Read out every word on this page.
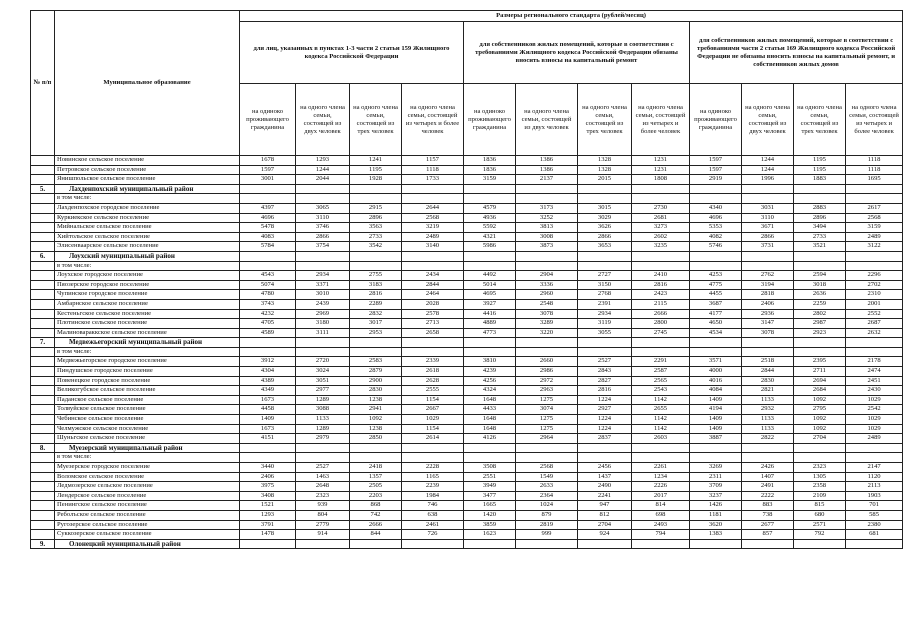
№ п/п	Муниципальное образование	Размеры регионального стандарта (рублей/месяц)											
		для лиц, указанных в пунктах 1-3 части 2 статьи 159 Жилищного кодекса Российской Федерации				для собственников жилых помещений, которые в соответствии с требованиями Жилищного кодекса Российской Федерации обязаны вносить взносы на капитальный ремонт				для собственников жилых помещений, которые в соответствии с требованиями части 2 статьи 169 Жилищного кодекса Российской Федерации не обязаны вносить взносы на капитальный ремонт, и собственников жилых домов			
		на одиноко проживающего гражданина	на одного члена семьи, состоящей из двух человек	на одного члена семьи, состоящей из трех человек	на одного члена семьи, состоящей из четырех и более человек	на одиноко проживающего гражданина	на одного члена семьи, состоящей из двух человек	на одного члена семьи, состоящей из трех человек	на одного члена семьи, состоящей из четырех и более человек	на одиноко проживающего гражданина	на одного члена семьи, состоящей из двух человек	на одного члена семьи, состоящей из трех человек	на одного члена семьи, состоящей из четырех и более человек
	Новинское сельское поселение	1678	1293	1241	1157	1836	1386	1328	1231	1597	1244	1195	1118
	Петровское сельское поселение	1597	1244	1195	1118	1836	1386	1328	1231	1597	1244	1195	1118
	Янишпольское сельское поселение	3001	2044	1928	1733	3159	2137	2015	1808	2919	1996	1883	1695
5.	Лахденпохский муниципальный район												
	в том числе:												
	Лахденпохское городское поселение	4397	3065	2915	2644	4579	3173	3015	2730	4340	3031	2883	2617
	Куркиекское сельское поселение	4696	3110	2896	2568	4936	3252	3029	2681	4696	3110	2896	2568
	Мийнальское сельское поселение	5478	3746	3563	3219	5592	3813	3626	3273	5353	3671	3494	3159
	Хийтольское сельское поселение	4083	2866	2733	2489	4321	3008	2866	2602	4082	2866	2733	2489
	Элисенваарское сельское поселение	5784	3754	3542	3140	5986	3873	3653	3235	5746	3731	3521	3122
6.	Лоухский муниципальный район												
	в том числе:												
	Лоухское городское поселение	4543	2934	2755	2434	4492	2904	2727	2410	4253	2762	2594	2296
	Пяозерское городское поселение	5074	3371	3183	2844	5014	3336	3150	2816	4775	3194	3018	2702
	Чупинское городское поселение	4780	3010	2816	2464	4695	2960	2768	2423	4455	2818	2636	2310
	Амбарнское сельское поселение	3743	2439	2289	2028	3927	2548	2391	2115	3687	2406	2259	2001
	Кестеньгское сельское поселение	4232	2969	2832	2578	4416	3078	2934	2666	4177	2936	2802	2552
	Плотинское сельское поселение	4705	3180	3017	2713	4889	3289	3119	2800	4650	3147	2987	2687
	Малиновараккское сельское поселение	4589	3111	2953	2658	4773	3220	3055	2745	4534	3078	2923	2632
7.	Медвежьегорский муниципальный район												
	в том числе:												
	Медвежьегорское городское поселение	3912	2720	2583	2339	3810	2660	2527	2291	3571	2518	2395	2178
	Пиндушское городское поселение	4304	3024	2879	2618	4239	2986	2843	2587	4000	2844	2711	2474
	Повенецкое городское поселение	4389	3051	2900	2628	4256	2972	2827	2565	4016	2830	2694	2451
	Великогубское сельское поселение	4349	2977	2830	2555	4324	2963	2816	2543	4084	2821	2684	2430
	Паданское сельское поселение	1673	1289	1238	1154	1648	1275	1224	1142	1409	1133	1092	1029
	Толвуйское сельское поселение	4458	3088	2941	2667	4433	3074	2927	2655	4194	2932	2795	2542
	Чебинское сельское поселение	1409	1133	1092	1029	1648	1275	1224	1142	1409	1133	1092	1029
	Челмужское сельское поселение	1673	1289	1238	1154	1648	1275	1224	1142	1409	1133	1092	1029
	Шуньгское сельское поселение	4151	2979	2850	2614	4126	2964	2837	2603	3887	2822	2704	2489
8.	Муезерский муниципальный район												
	в том числе:												
	Муезерское городское поселение	3440	2527	2418	2228	3508	2568	2456	2261	3269	2426	2323	2147
	Воломское сельское поселение	2406	1463	1357	1165	2551	1549	1437	1234	2311	1407	1305	1120
	Ледмозерское сельское поселение	3975	2648	2505	2239	3949	2633	2490	2226	3709	2491	2358	2113
	Лендерское сельское поселение	3408	2323	2203	1984	3477	2364	2241	2017	3237	2222	2109	1903
	Пенингское сельское поселение	1521	939	868	746	1665	1024	947	814	1426	883	815	701
	Реболъское сельское поселение	1293	804	742	638	1420	879	812	698	1181	738	680	585
	Ругозерское сельское поселение	3791	2779	2666	2461	3859	2819	2704	2493	3620	2677	2571	2380
	Суккозерское сельское поселение	1478	914	844	726	1623	999	924	794	1383	857	792	681
9.	Олонецкий муниципальный район												
